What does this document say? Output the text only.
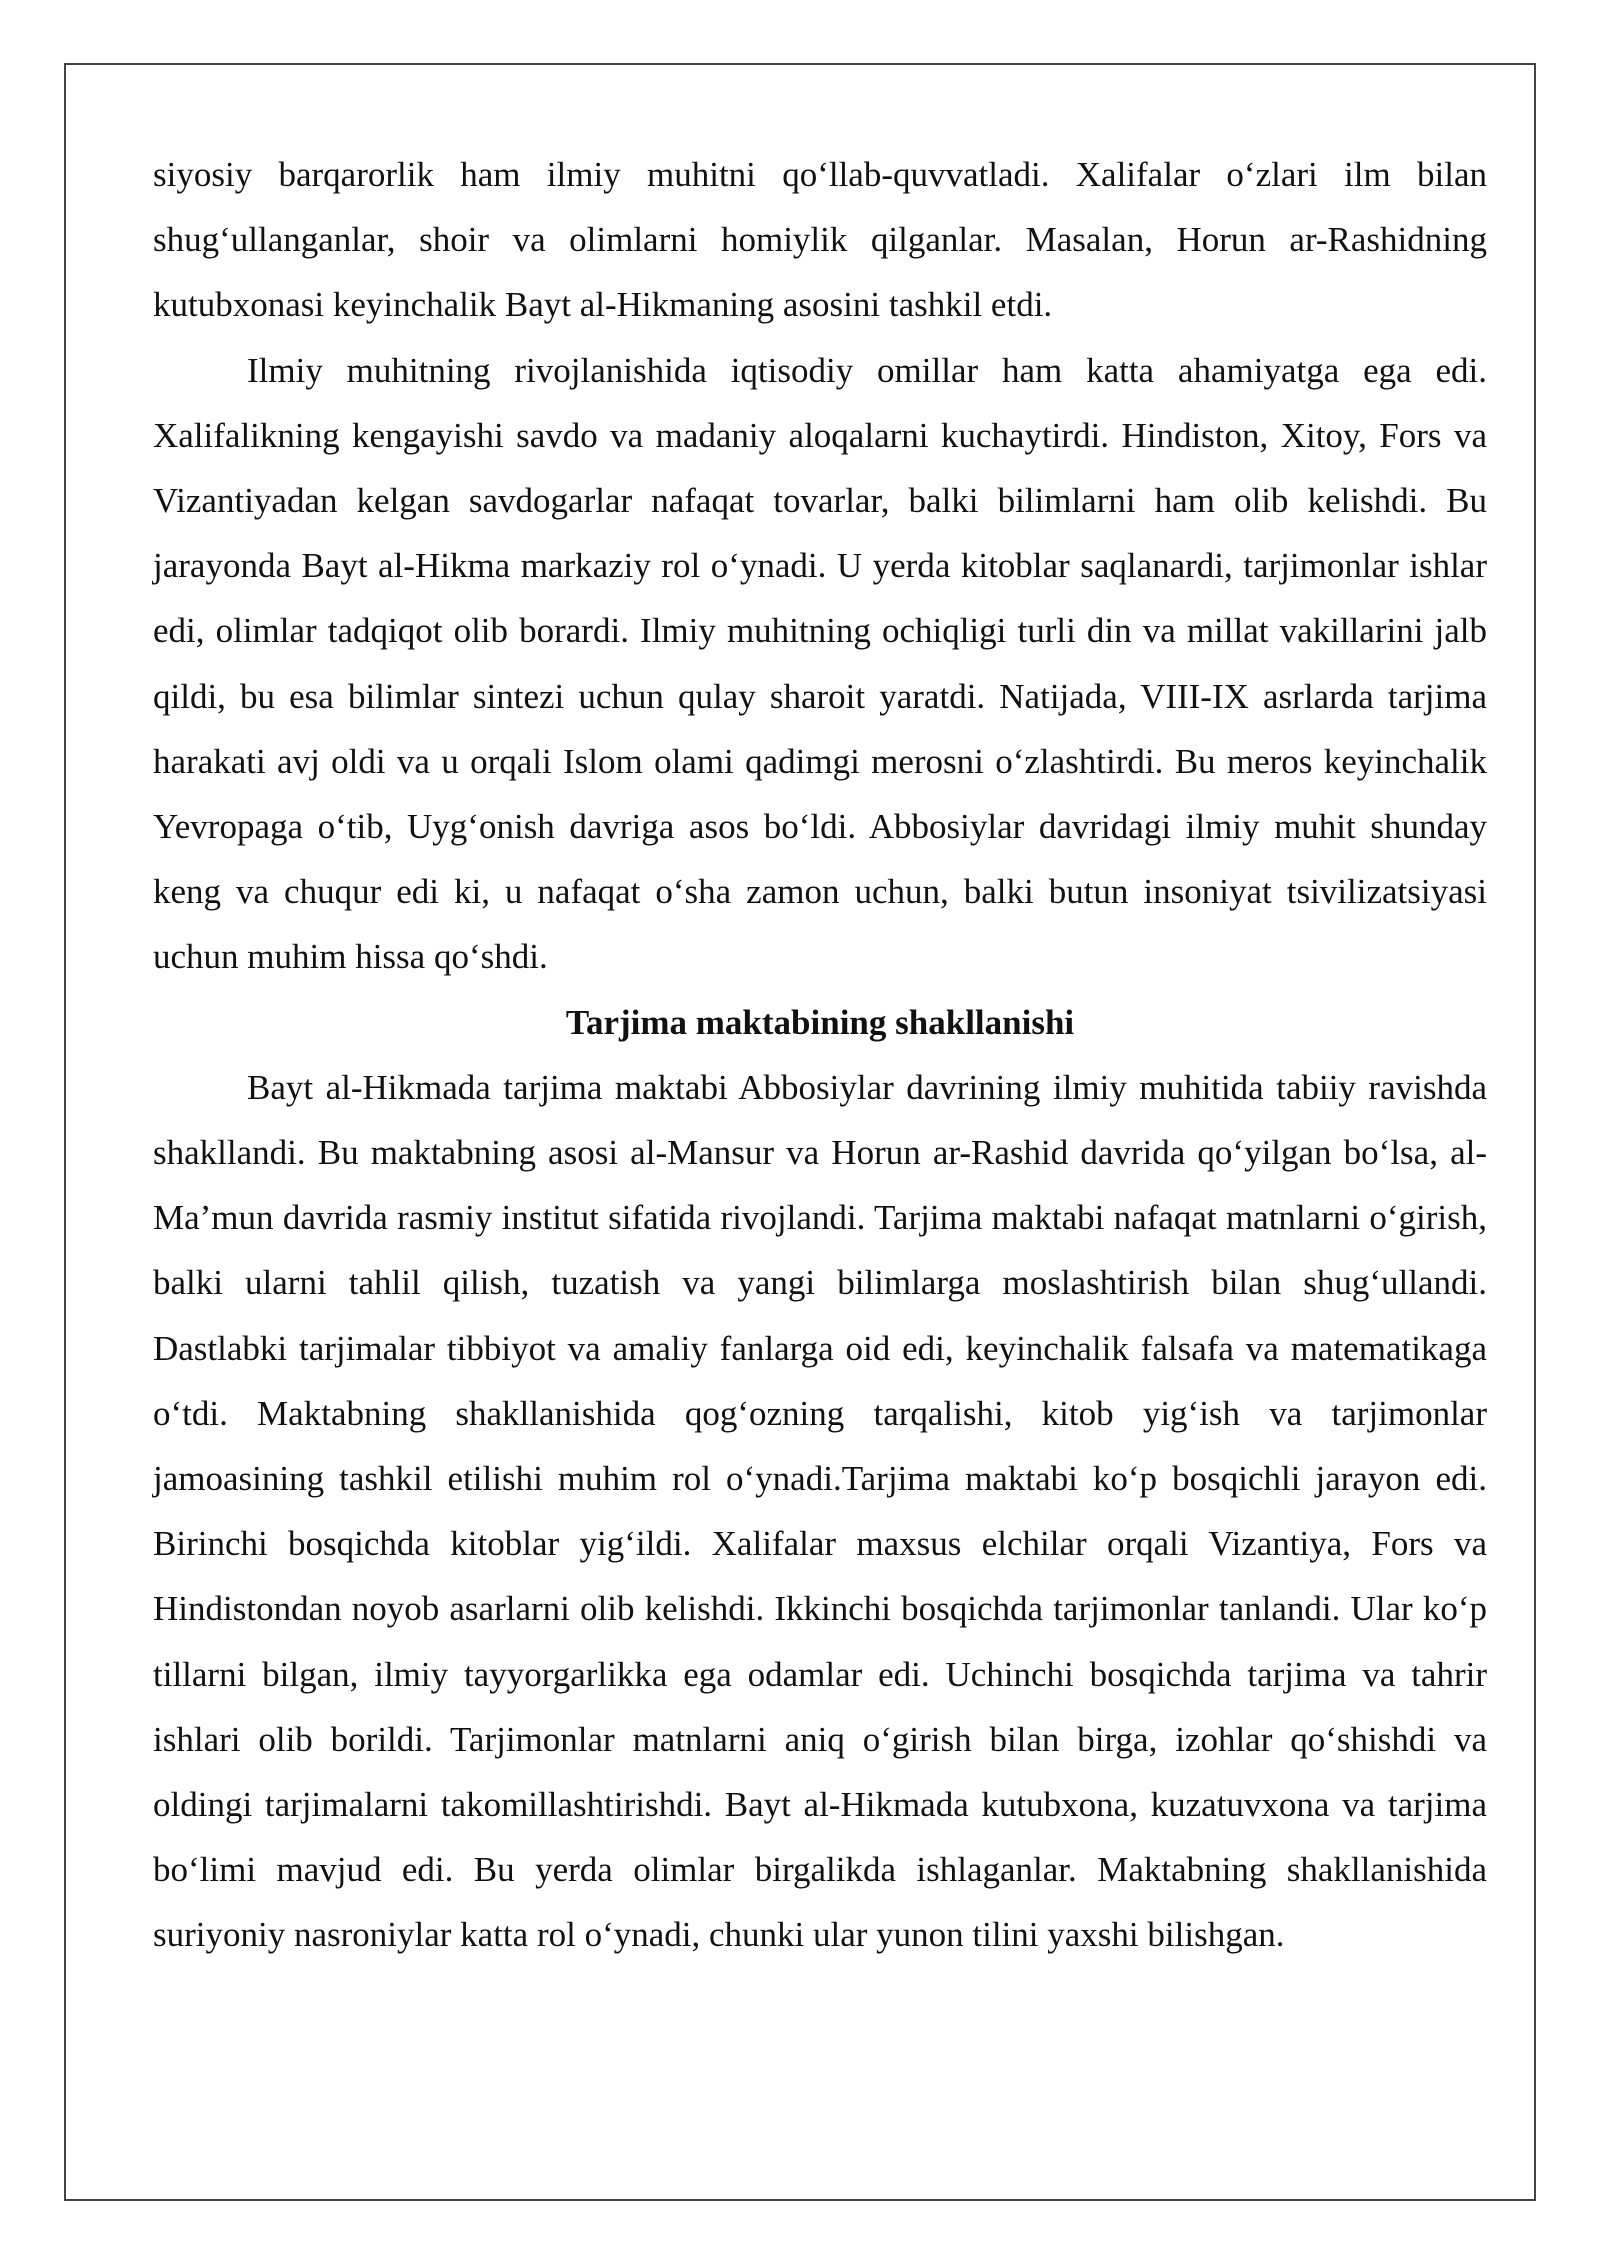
siyosiy barqarorlik ham ilmiy muhitni qo‘llab-quvvatladi. Xalifalar o‘zlari ilm bilan shug‘ullanganlar, shoir va olimlarni homiylik qilganlar. Masalan, Horun ar-Rashidning kutubxonasi keyinchalik Bayt al-Hikmaning asosini tashkil etdi.

Ilmiy muhitning rivojlanishida iqtisodiy omillar ham katta ahamiyatga ega edi. Xalifalikning kengayishi savdo va madaniy aloqalarni kuchaytirdi. Hindiston, Xitoy, Fors va Vizantiyadan kelgan savdogarlar nafaqat tovarlar, balki bilimlarni ham olib kelishdi. Bu jarayonda Bayt al-Hikma markaziy rol o‘ynadi. U yerda kitoblar saqlanardi, tarjimonlar ishlar edi, olimlar tadqiqot olib borardi. Ilmiy muhitning ochiqligi turli din va millat vakillarini jalb qildi, bu esa bilimlar sintezi uchun qulay sharoit yaratdi. Natijada, VIII-IX asrlarda tarjima harakati avj oldi va u orqali Islom olami qadimgi merosni o‘zlashtirdi. Bu meros keyinchalik Yevropaga o‘tib, Uyg‘onish davriga asos bo‘ldi. Abbosiylar davridagi ilmiy muhit shunday keng va chuqur edi ki, u nafaqat o‘sha zamon uchun, balki butun insoniyat tsivilizatsiyasi uchun muhim hissa qo‘shdi.

Tarjima maktabining shakllanishi

Bayt al-Hikmada tarjima maktabi Abbosiylar davrining ilmiy muhitida tabiiy ravishda shakllandi. Bu maktabning asosi al-Mansur va Horun ar-Rashid davrida qo‘yilgan bo‘lsa, al-Ma’mun davrida rasmiy institut sifatida rivojlandi. Tarjima maktabi nafaqat matnlarni o‘girish, balki ularni tahlil qilish, tuzatish va yangi bilimlarga moslashtirish bilan shug‘ullandi. Dastlabki tarjimalar tibbiyot va amaliy fanlarga oid edi, keyinchalik falsafa va matematikaga o‘tdi. Maktabning shakllanishida qog‘ozning tarqalishi, kitob yig‘ish va tarjimonlar jamoasining tashkil etilishi muhim rol o‘ynadi.Tarjima maktabi ko‘p bosqichli jarayon edi. Birinchi bosqichda kitoblar yig‘ildi. Xalifalar maxsus elchilar orqali Vizantiya, Fors va Hindistondan noyob asarlarni olib kelishdi. Ikkinchi bosqichda tarjimonlar tanlandi. Ular ko‘p tillarni bilgan, ilmiy tayyorgarlikka ega odamlar edi. Uchinchi bosqichda tarjima va tahrir ishlari olib borildi. Tarjimonlar matnlarni aniq o‘girish bilan birga, izohlar qo‘shishdi va oldingi tarjimalarni takomillashtirishdi. Bayt al-Hikmada kutubxona, kuzatuvxona va tarjima bo‘limi mavjud edi. Bu yerda olimlar birgalikda ishlaganlar. Maktabning shakllanishida suriyoniy nasroniylar katta rol o‘ynadi, chunki ular yunon tilini yaxshi bilishgan.
